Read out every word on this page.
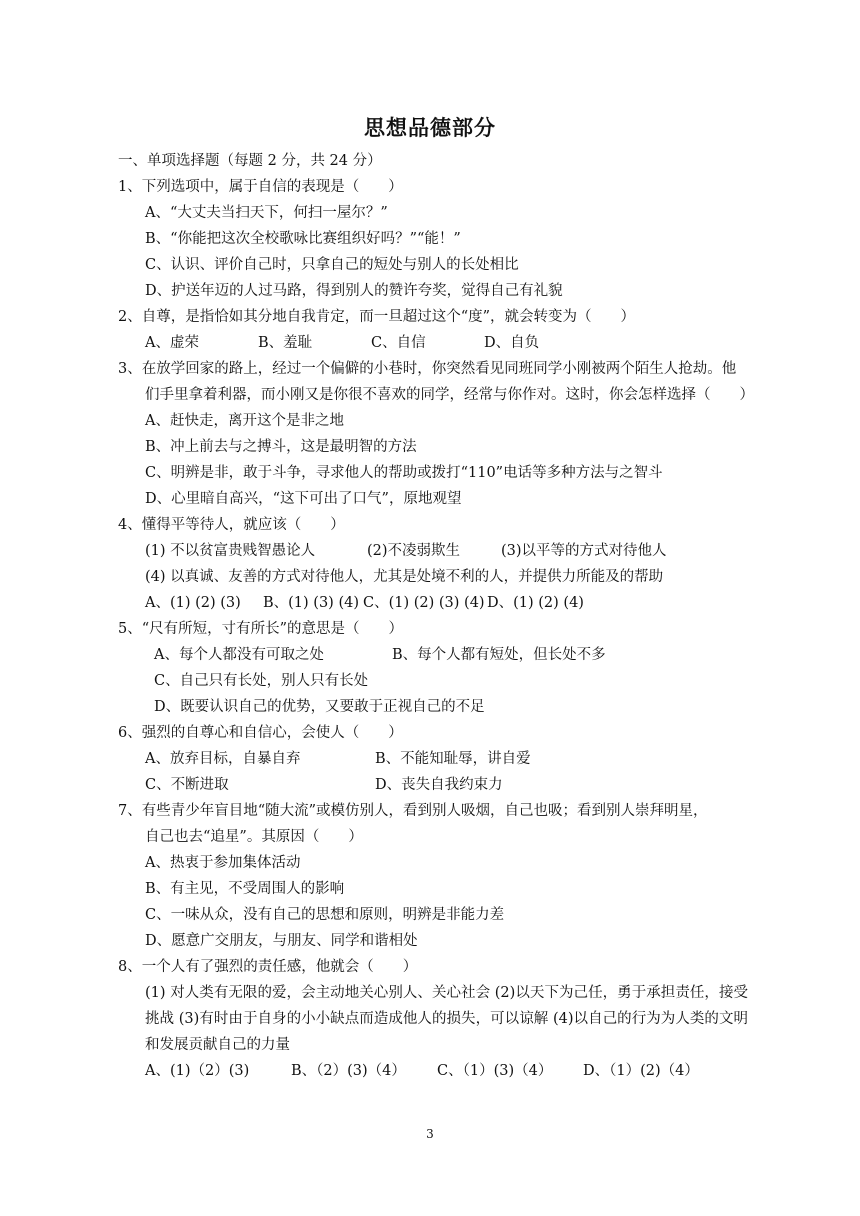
思想品德部分
一、单项选择题（每题 2 分，共 24 分）
1、下列选项中，属于自信的表现是（　　）
A、“大丈夫当扫天下，何扫一屋尔？”
B、“你能把这次全校歌咏比赛组织好吗？”“能！”
C、认识、评价自己时，只拿自己的短处与别人的长处相比
D、护送年迈的人过马路，得到别人的赞许夸奖，觉得自己有礼貌
2、自尊，是指恰如其分地自我肯定，而一旦超过这个“度”，就会转变为（　　）
A、虚荣	B、羞耻	C、自信	D、自负
3、在放学回家的路上，经过一个偏僻的小巷时，你突然看见同班同学小刚被两个陌生人抢劫。他
们手里拿着利器，而小刚又是你很不喜欢的同学，经常与你作对。这时，你会怎样选择（　　）
A、赶快走，离开这个是非之地
B、冲上前去与之搏斗，这是最明智的方法
C、明辨是非，敢于斗争，寻求他人的帮助或拨打“110”电话等多种方法与之智斗
D、心里暗自高兴，“这下可出了口气”，原地观望
4、懂得平等待人，就应该（　　）
(1) 不以贫富贵贱智愚论人	(2)不凌弱欺生	(3)以平等的方式对待他人
(4) 以真诚、友善的方式对待他人，尤其是处境不利的人，并提供力所能及的帮助
A、(1) (2) (3)	B、(1) (3) (4) C、(1) (2) (3) (4) D、(1) (2) (4)
5、“尺有所短，寸有所长”的意思是（　　）
A、每个人都没有可取之处	B、每个人都有短处，但长处不多
C、自己只有长处，别人只有长处
D、既要认识自己的优势，又要敢于正视自己的不足
6、强烈的自尊心和自信心，会使人（　　）
A、放弃目标，自暴自弃	B、不能知耻辱，讲自爱
C、不断进取	D、丧失自我约束力
7、有些青少年盲目地“随大流”或模仿别人，看到别人吸烟，自己也吸；看到别人崇拜明星，
自己也去“追星”。其原因（　　）
A、热衷于参加集体活动
B、有主见，不受周围人的影响
C、一味从众，没有自己的思想和原则，明辨是非能力差
D、愿意广交朋友，与朋友、同学和谐相处
8、一个人有了强烈的责任感，他就会（　　）
(1) 对人类有无限的爱，会主动地关心别人、关心社会 (2)以天下为己任，勇于承担责任，接受挑战 (3)有时由于自身的小小缺点而造成他人的损失，可以谅解 (4)以自己的行为为人类的文明和发展贡献自己的力量
A、(1)（2）(3)	B、（2）(3)（4）	C、（1）(3)（4）	D、（1）(2)（4）
3
